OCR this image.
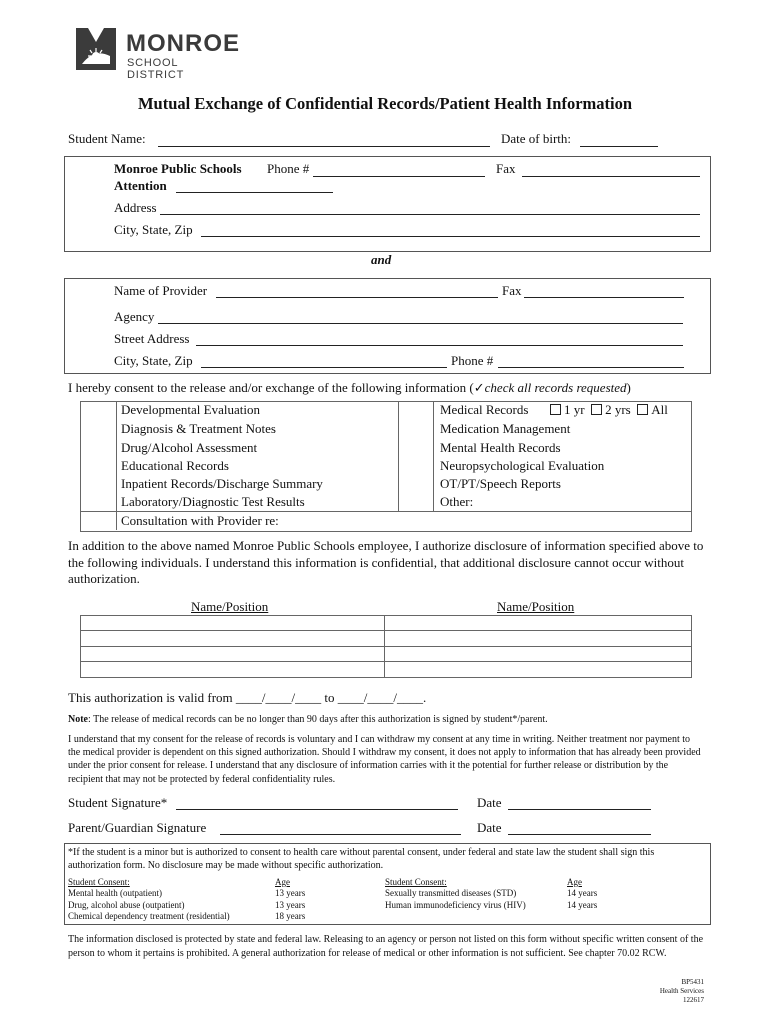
MONROE
SCHOOL DISTRICT
Mutual Exchange of Confidential Records/Patient Health Information
Student Name:	Date of birth:
Monroe Public Schools Phone #	Fax
Attention
Address
City, State, Zip
and
Name of Provider	Fax
Agency
Street Address
City, State, Zip	Phone #
I hereby consent to the release and/or exchange of the following information (✓check all records requested)
Developmental Evaluation
Diagnosis & Treatment Notes
Drug/Alcohol Assessment
Educational Records
Inpatient Records/Discharge Summary
Laboratory/Diagnostic Test Results
Consultation with Provider re:
Medical Records
Medication Management
Mental Health Records
Neuropsychological Evaluation
OT/PT/Speech Reports
Other:
1 yr 2 yrs All
In addition to the above named Monroe Public Schools employee, I authorize disclosure of information specified above to the following individuals. I understand this information is confidential, that additional disclosure cannot occur without authorization.
Name/Position	Name/Position
This authorization is valid from ____/____/____ to ____/____/____.
Note: The release of medical records can be no longer than 90 days after this authorization is signed by student*/parent.
I understand that my consent for the release of records is voluntary and I can withdraw my consent at any time in writing. Neither treatment nor payment to the medical provider is dependent on this signed authorization. Should I withdraw my consent, it does not apply to information that has already been provided under the prior consent for release. I understand that any disclosure of information carries with it the potential for further release or distribution by the recipient that may not be protected by federal confidentiality rules.
Student Signature*	Date
Parent/Guardian Signature	Date
*If the student is a minor but is authorized to consent to health care without parental consent, under federal and state law the student shall sign this authorization form. No disclosure may be made without specific authorization.
Student Consent:	Age
Mental health (outpatient)	13 years
Drug, alcohol abuse (outpatient)	13 years
Chemical dependency treatment (residential)	18 years
Student Consent:	Age
Sexually transmitted diseases (STD)	14 years
Human immunodeficiency virus (HIV)	14 years
The information disclosed is protected by state and federal law. Releasing to an agency or person not listed on this form without specific written consent of the person to whom it pertains is prohibited. A general authorization for release of medical or other information is not sufficient. See chapter 70.02 RCW.
BP5431
Health Services
122617
